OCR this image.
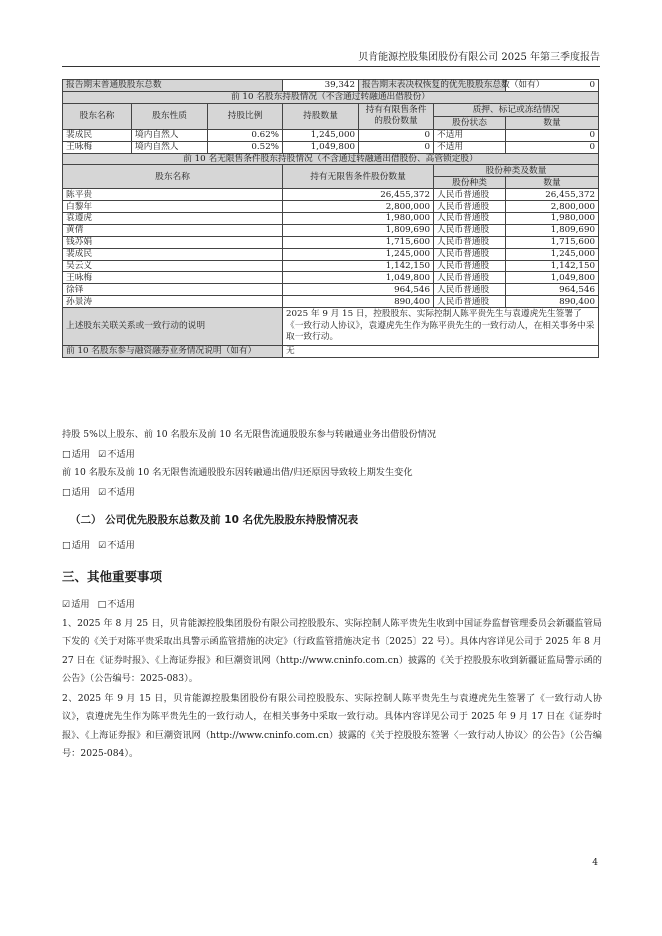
贝肯能源控股集团股份有限公司 2025 年第三季度报告
报告期末普通股股东总数			39,342	报告期末表决权恢复的优先股股东总数（如有）		0
前 10 名股东持股情况（不含通过转融通出借股份）						
股东名称	股东性质	持股比例	持股数量	持有有限售条件的股份数量	质押、标记或冻结情况	
					股份状态	数量
裴成民	境内自然人	0.62%	1,245,000	0	不适用	0
王咏梅	境内自然人	0.52%	1,049,800	0	不适用	0
前 10 名无限售条件股东持股情况（不含通过转融通出借股份、高管锁定股）						
股东名称			持有无限售条件股份数量		股份种类及数量	
					股份种类	数量
陈平贵			26,455,372		人民币普通股	26,455,372
白黎年			2,800,000		人民币普通股	2,800,000
袁遵虎			1,980,000		人民币普通股	1,980,000
黄倩			1,809,690		人民币普通股	1,809,690
钱苏娟			1,715,600		人民币普通股	1,715,600
裴成民			1,245,000		人民币普通股	1,245,000
吴云义			1,142,150		人民币普通股	1,142,150
王咏梅			1,049,800		人民币普通股	1,049,800
徐铎			964,546		人民币普通股	964,546
孙景涛			890,400		人民币普通股	890,400
上述股东关联关系或一致行动的说明			2025 年 9 月 15 日，控股股东、实际控制人陈平贵先生与袁遵虎先生签署了《一致行动人协议》，袁遵虎先生作为陈平贵先生的一致行动人，在相关事务中采取一致行动。			
前 10 名股东参与融资融券业务情况说明（如有）			无			

持股 5%以上股东、前 10 名股东及前 10 名无限售流通股股东参与转融通业务出借股份情况

□适用 ☑不适用

前 10 名股东及前 10 名无限售流通股股东因转融通出借/归还原因导致较上期发生变化

□适用 ☑不适用
（二） 公司优先股股东总数及前 10 名优先股股东持股情况表
□适用 ☑不适用
三、其他重要事项
☑适用 □不适用
1、2025 年 8 月 25 日，贝肯能源控股集团股份有限公司控股股东、实际控制人陈平贵先生收到中国证券监督管理委员会新疆监管局下发的《关于对陈平贵采取出具警示函监管措施的决定》（行政监管措施决定书〔2025〕22 号）。具体内容详见公司于 2025 年 8 月 27 日在《证券时报》、《上海证券报》和巨潮资讯网（http://www.cninfo.com.cn）披露的《关于控股股东收到新疆证监局警示函的公告》（公告编号：2025-083）。
2、2025 年 9 月 15 日，贝肯能源控股集团股份有限公司控股股东、实际控制人陈平贵先生与袁遵虎先生签署了《一致行动人协议》，袁遵虎先生作为陈平贵先生的一致行动人，在相关事务中采取一致行动。具体内容详见公司于 2025 年 9 月 17 日在《证券时报》、《上海证券报》和巨潮资讯网（http://www.cninfo.com.cn）披露的《关于控股股东签署〈一致行动人协议〉的公告》（公告编号：2025-084）。
4
